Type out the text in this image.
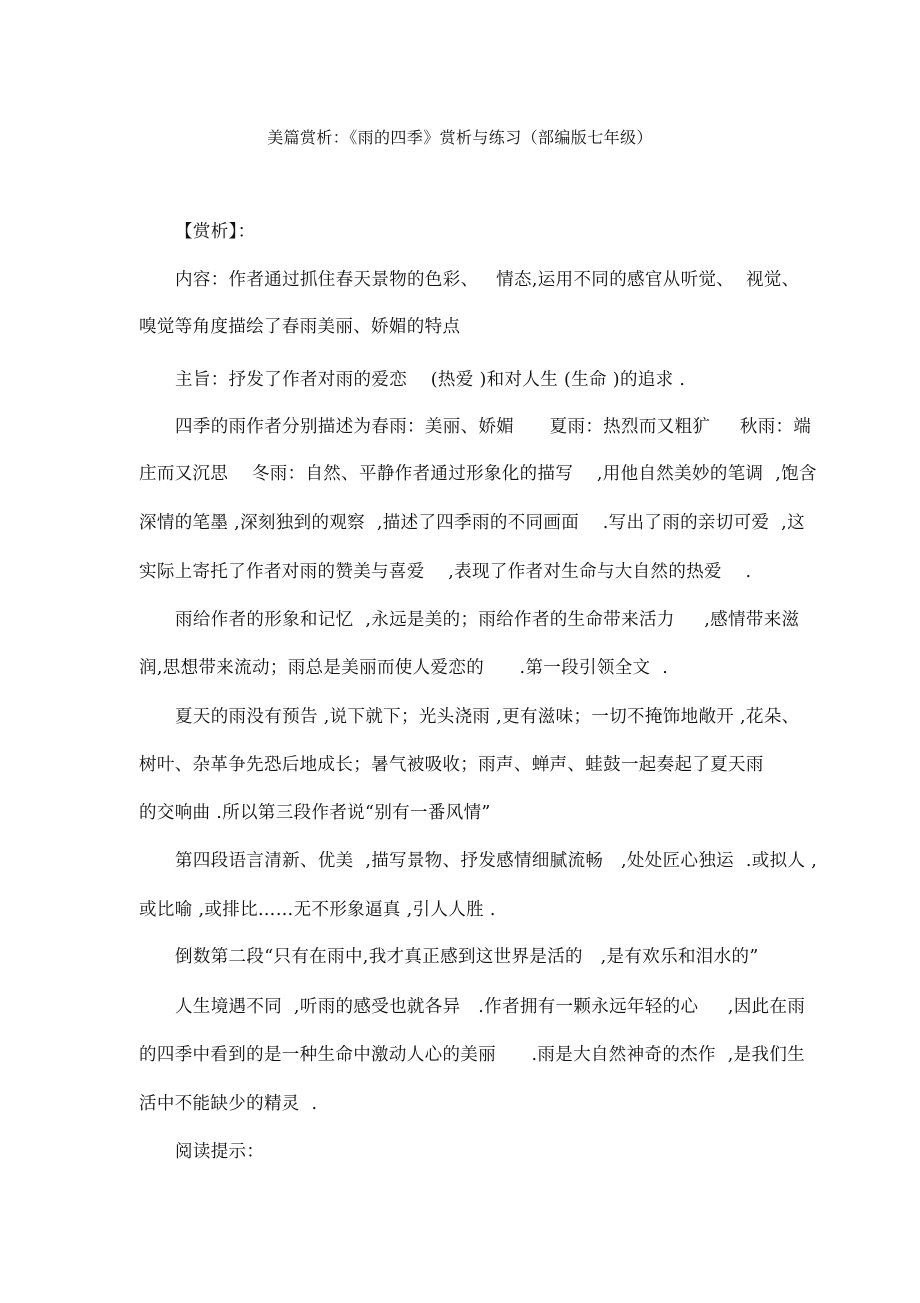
美篇赏析：《雨的四季》赏析与练习（部编版七年级）
【赏析】：
内容：作者通过抓住春天景物的色彩、   情态,运用不同的感官从听觉、  视觉、
嗅觉等角度描绘了春雨美丽、娇媚的特点
主旨：抒发了作者对雨的爱恋    (热爱 )和对人生 (生命 )的追求 .
四季的雨作者分别描述为春雨：美丽、娇媚      夏雨：热烈而又粗犷     秋雨：端
庄而又沉思    冬雨：自然、平静作者通过形象化的描写    ,用他自然美妙的笔调  ,饱含
深情的笔墨 ,深刻独到的观察  ,描述了四季雨的不同画面    .写出了雨的亲切可爱  ,这
实际上寄托了作者对雨的赞美与喜爱    ,表现了作者对生命与大自然的热爱    .
雨给作者的形象和记忆  ,永远是美的；雨给作者的生命带来活力     ,感情带来滋
润,思想带来流动；雨总是美丽而使人爱恋的      .第一段引领全文  .
夏天的雨没有预告 ,说下就下；光头浇雨 ,更有滋味；一切不掩饰地敞开 ,花朵、
树叶、杂革争先恐后地成长；暑气被吸收；雨声、蝉声、蛙鼓一起奏起了夏天雨
的交响曲 .所以第三段作者说“别有一番风情”
第四段语言清新、优美  ,描写景物、抒发感情细腻流畅   ,处处匠心独运  .或拟人 ,
或比喻 ,或排比……无不形象逼真 ,引人人胜 .
倒数第二段“只有在雨中,我才真正感到这世界是活的   ,是有欢乐和泪水的”
人生境遇不同  ,听雨的感受也就各异   .作者拥有一颗永远年轻的心     ,因此在雨
的四季中看到的是一种生命中激动人心的美丽      .雨是大自然神奇的杰作  ,是我们生
活中不能缺少的精灵  .
阅读提示：
